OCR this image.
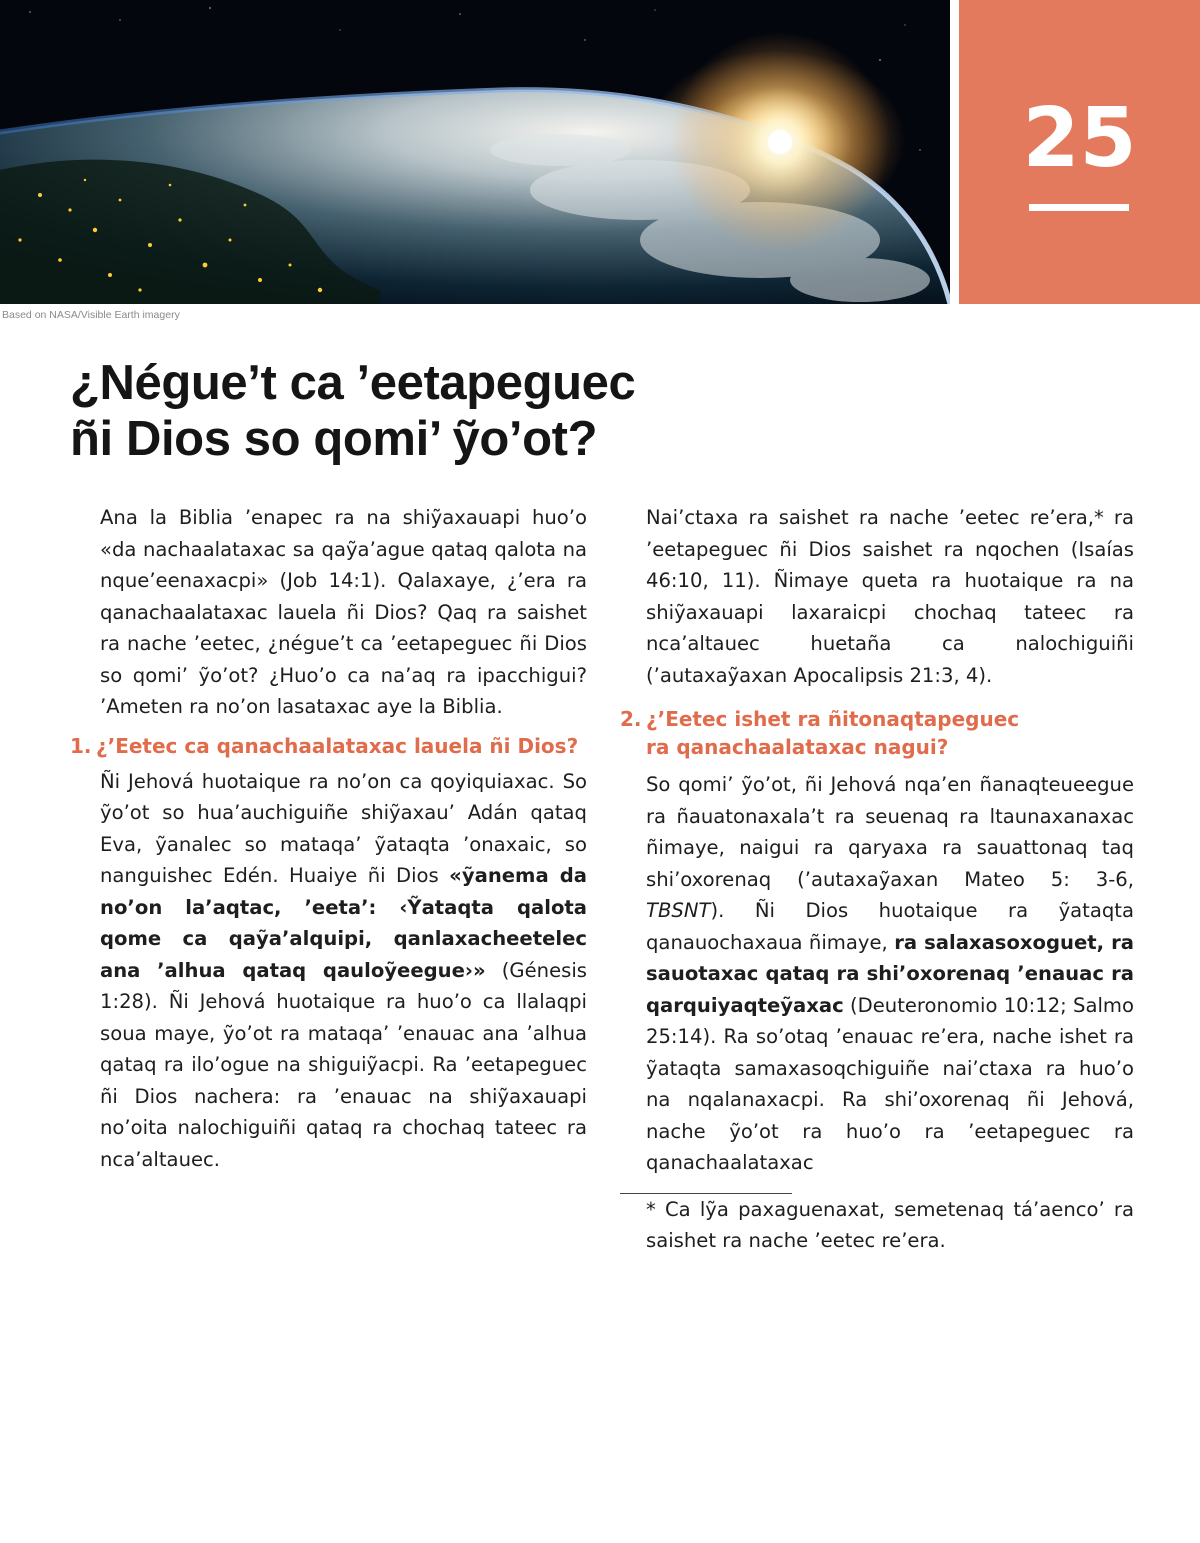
Based on NASA/Visible Earth imagery
25
¿Négue’t ca ’eetapeguec
ñi Dios so qomi’ ỹo’ot?

Ana la Biblia ’enapec ra na shiỹaxauapi huo’o «da nachaalataxac sa qaỹa’ague qataq qalota na nque’eenaxacpi» (Job 14:1). Qalaxaye, ¿’era ra qanachaalataxac lauela ñi Dios? Qaq ra saishet ra nache ’eetec, ¿négue’t ca ’eetapeguec ñi Dios so qomi’ ỹo’ot? ¿Huo’o ca na’aq ra ipacchigui? ’Ameten ra no’on lasataxac aye la Biblia.

1. ¿’Eetec ca qanachaalataxac lauela ñi Dios?

Ñi Jehová huotaique ra no’on ca qoyiquiaxac. So ỹo’ot so hua’auchiguiñe shiỹaxau’ Adán qataq Eva, ỹanalec so mataqa’ ỹataqta ’onaxaic, so nanguishec Edén. Huaiye ñi Dios «ỹanema da no’on la’aqtac, ’eeta’: ‹Ỹataqta qalota qome ca qaỹa’alquipi, qanlaxacheetelec ana ’alhua qataq qauloỹeegue›» (Génesis 1:28). Ñi Jehová huotaique ra huo’o ca llalaqpi soua maye, ỹo’ot ra mataqa’ ’enauac ana ’alhua qataq ra ilo’ogue na shiguiỹacpi. Ra ’eetapeguec ñi Dios nachera: ra ’enauac na shiỹaxauapi no’oita nalochiguiñi qataq ra chochaq tateec ra nca’altauec.

Nai’ctaxa ra saishet ra nache ’eetec re’era,* ra ’eetapeguec ñi Dios saishet ra nqochen (Isaías 46:10, 11). Ñimaye queta ra huotaique ra na shiỹaxauapi laxaraicpi chochaq tateec ra nca’altauec huetaña ca nalochiguiñi (’autaxaỹaxan Apocalipsis 21:3, 4).

2. ¿’Eetec ishet ra ñitonaqtapeguec
ra qanachaalataxac nagui?

So qomi’ ỹo’ot, ñi Jehová nqa’en ñanaqteueegue ra ñauatonaxala’t ra seuenaq ra ltaunaxanaxac ñimaye, naigui ra qaryaxa ra sauattonaq taq shi’oxorenaq (’autaxaỹaxan Mateo 5: 3-6, TBSNT). Ñi Dios huotaique ra ỹataqta qanauochaxaua ñimaye, ra salaxasoxoguet, ra sauotaxac qataq ra shi’oxorenaq ’enauac ra qarquiyaqteỹaxac (Deuteronomio 10:12; Salmo 25:14). Ra so’otaq ’enauac re’era, nache ishet ra ỹataqta samaxasoqchiguiñe nai’ctaxa ra huo’o na nqalanaxacpi. Ra shi’oxorenaq ñi Jehová, nache ỹo’ot ra huo’o ra ’eetapeguec ra qanachaalataxac

* Ca lỹa paxaguenaxat, semetenaq tá’aenco’ ra saishet ra nache ’eetec re’era.
